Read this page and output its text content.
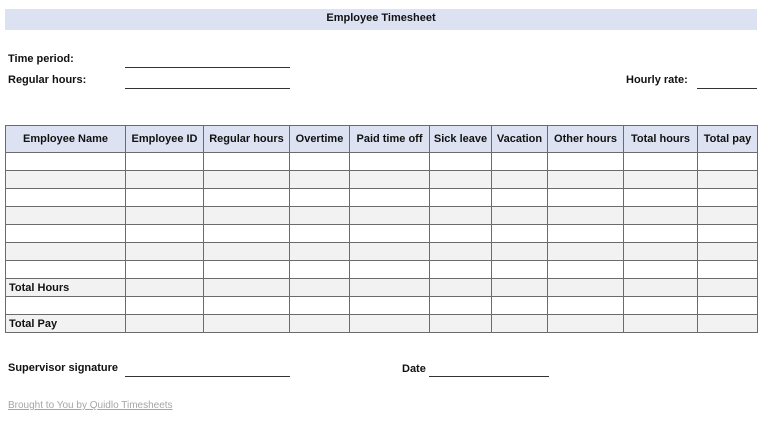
Employee Timesheet
Time period:
Regular hours:	Hourly rate:
Employee Name	Employee ID	Regular hours	Overtime	Paid time off	Sick leave	Vacation	Other hours	Total hours	Total pay

Total Hours									

Total Pay									
Supervisor signature	Date
Brought to You by Quidlo Timesheets
